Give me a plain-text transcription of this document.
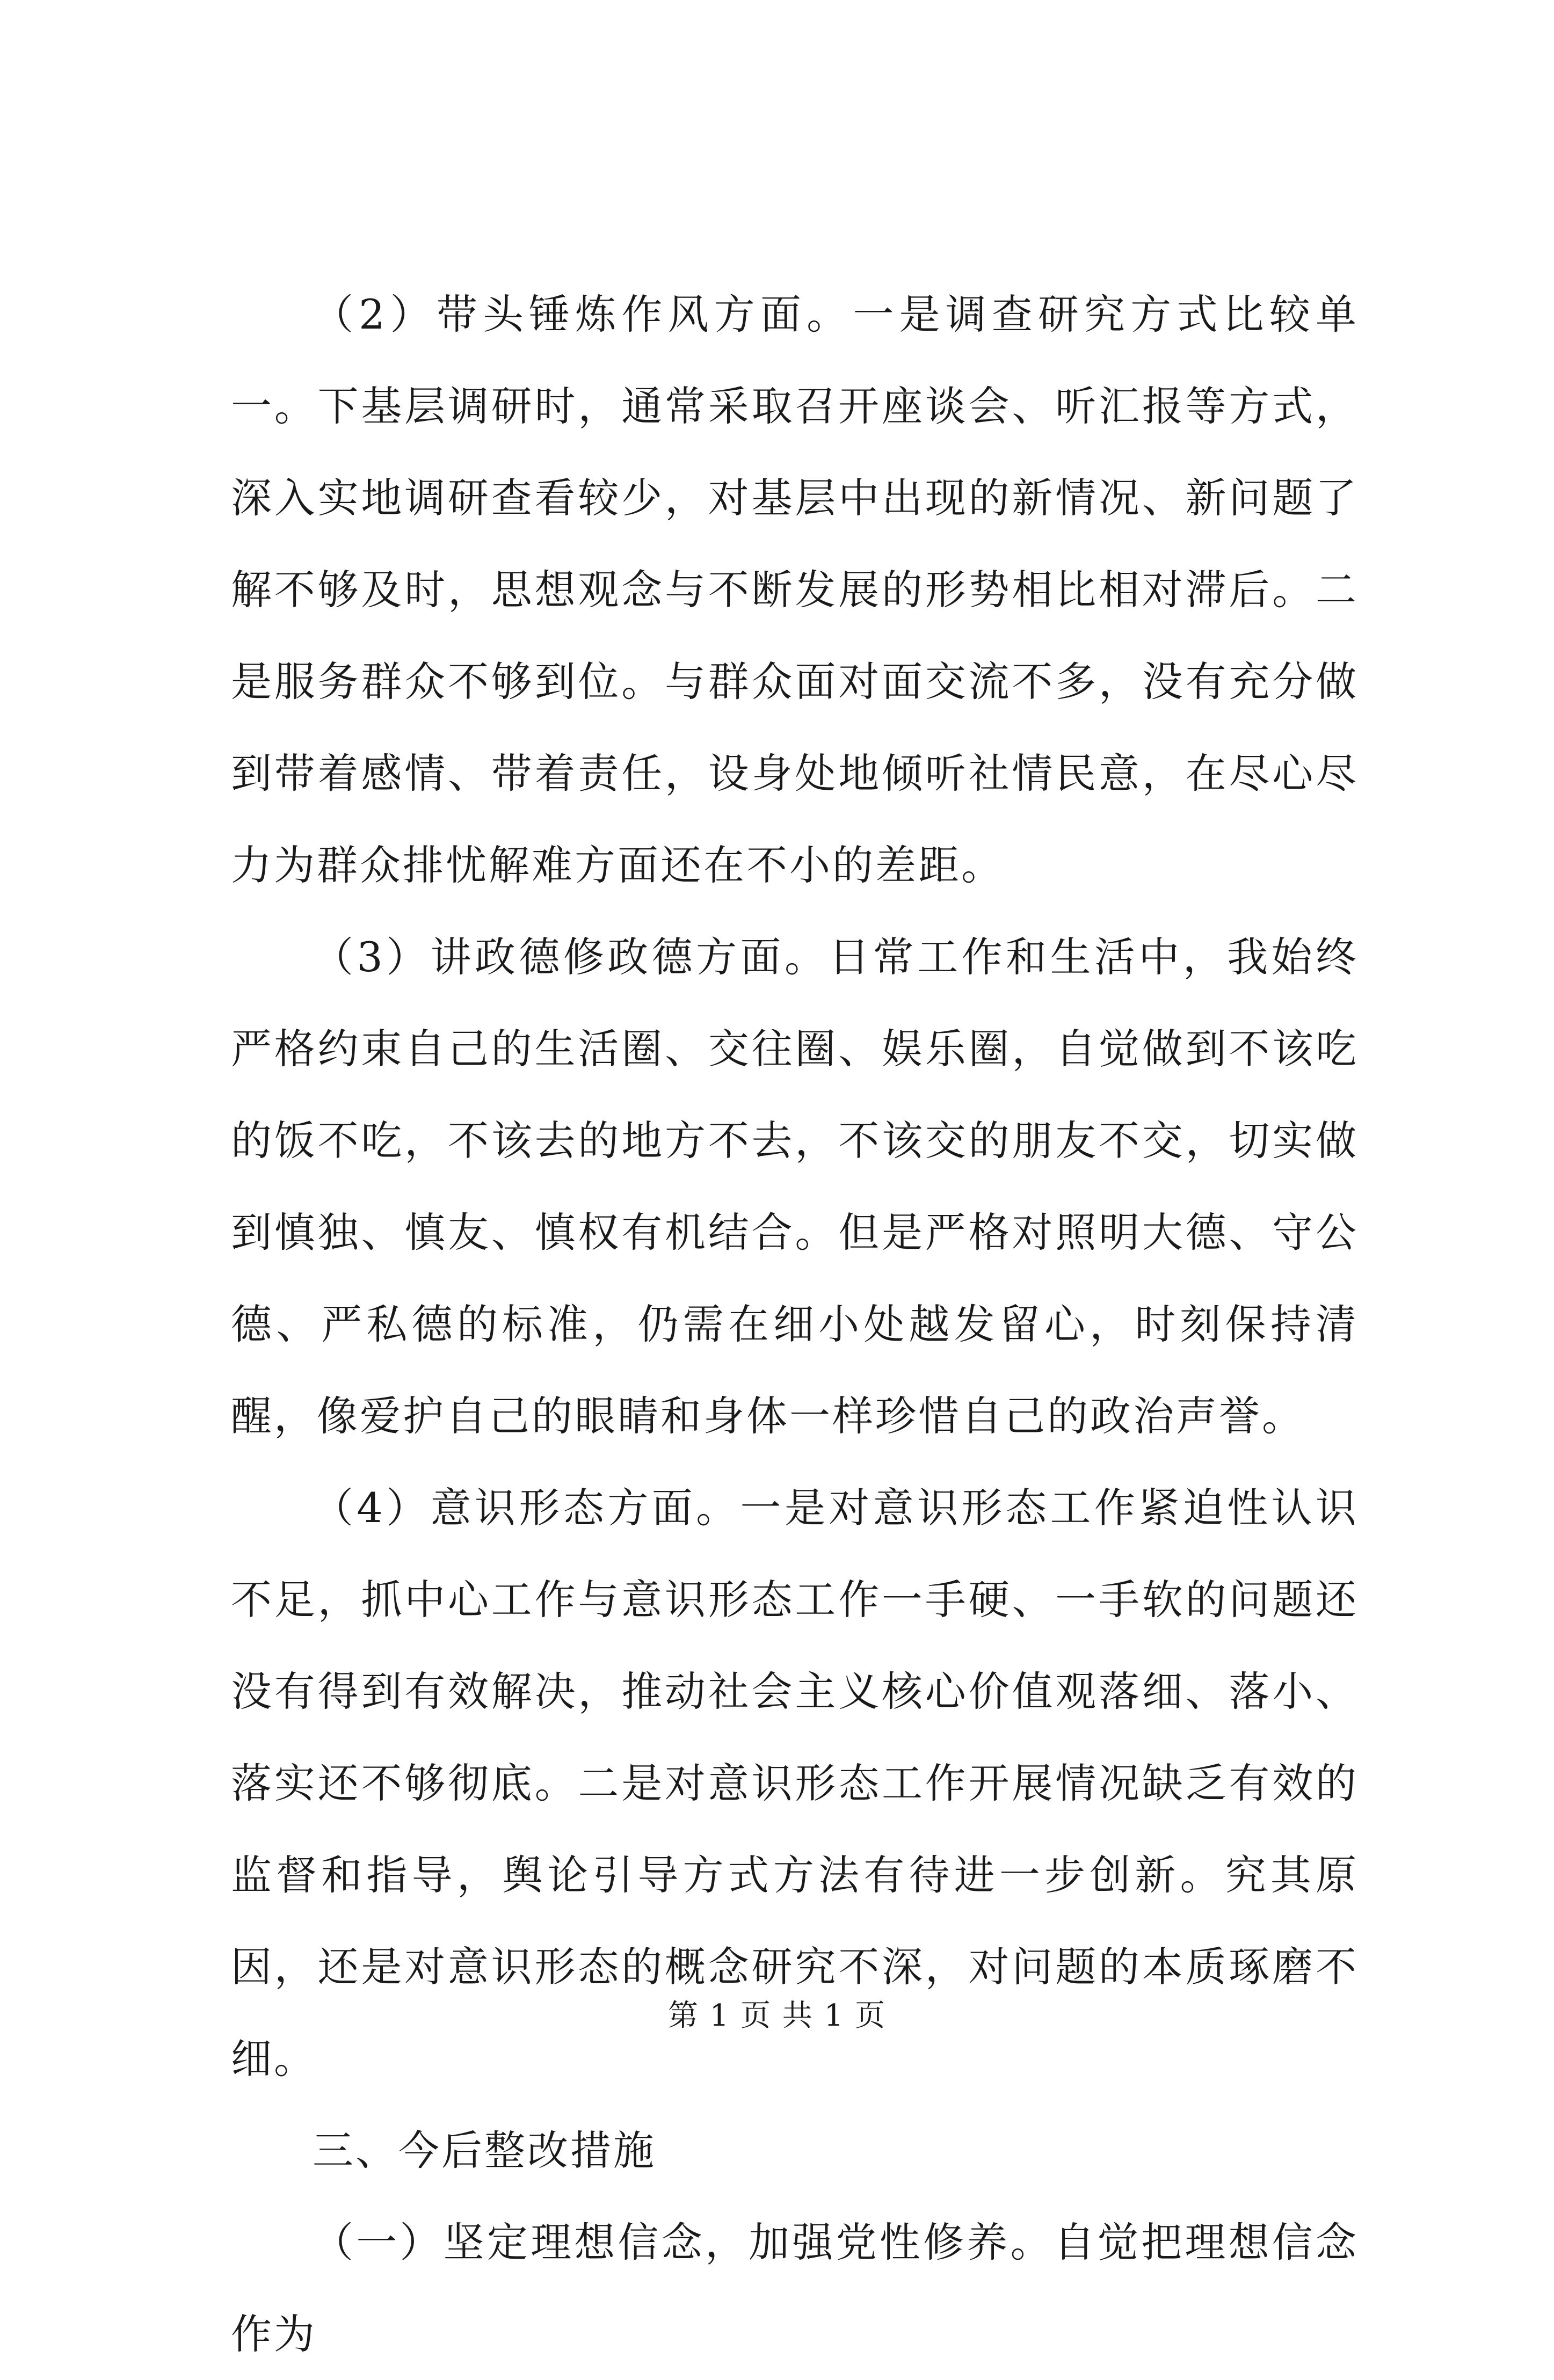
（2）带头锤炼作风方面。一是调查研究方式比较单一。下基层调研时，通常采取召开座谈会、听汇报等方式，深入实地调研查看较少，对基层中出现的新情况、新问题了解不够及时，思想观念与不断发展的形势相比相对滞后。二是服务群众不够到位。与群众面对面交流不多，没有充分做到带着感情、带着责任，设身处地倾听社情民意，在尽心尽力为群众排忧解难方面还在不小的差距。

（3）讲政德修政德方面。日常工作和生活中，我始终严格约束自己的生活圈、交往圈、娱乐圈，自觉做到不该吃的饭不吃，不该去的地方不去，不该交的朋友不交，切实做到慎独、慎友、慎权有机结合。但是严格对照明大德、守公德、严私德的标准，仍需在细小处越发留心，时刻保持清醒，像爱护自己的眼睛和身体一样珍惜自己的政治声誉。

（4）意识形态方面。一是对意识形态工作紧迫性认识不足，抓中心工作与意识形态工作一手硬、一手软的问题还没有得到有效解决，推动社会主义核心价值观落细、落小、落实还不够彻底。二是对意识形态工作开展情况缺乏有效的监督和指导，舆论引导方式方法有待进一步创新。究其原因，还是对意识形态的概念研究不深，对问题的本质琢磨不细。

三、今后整改措施

（一）坚定理想信念，加强党性修养。自觉把理想信念作为

第 1 页 共 1 页
